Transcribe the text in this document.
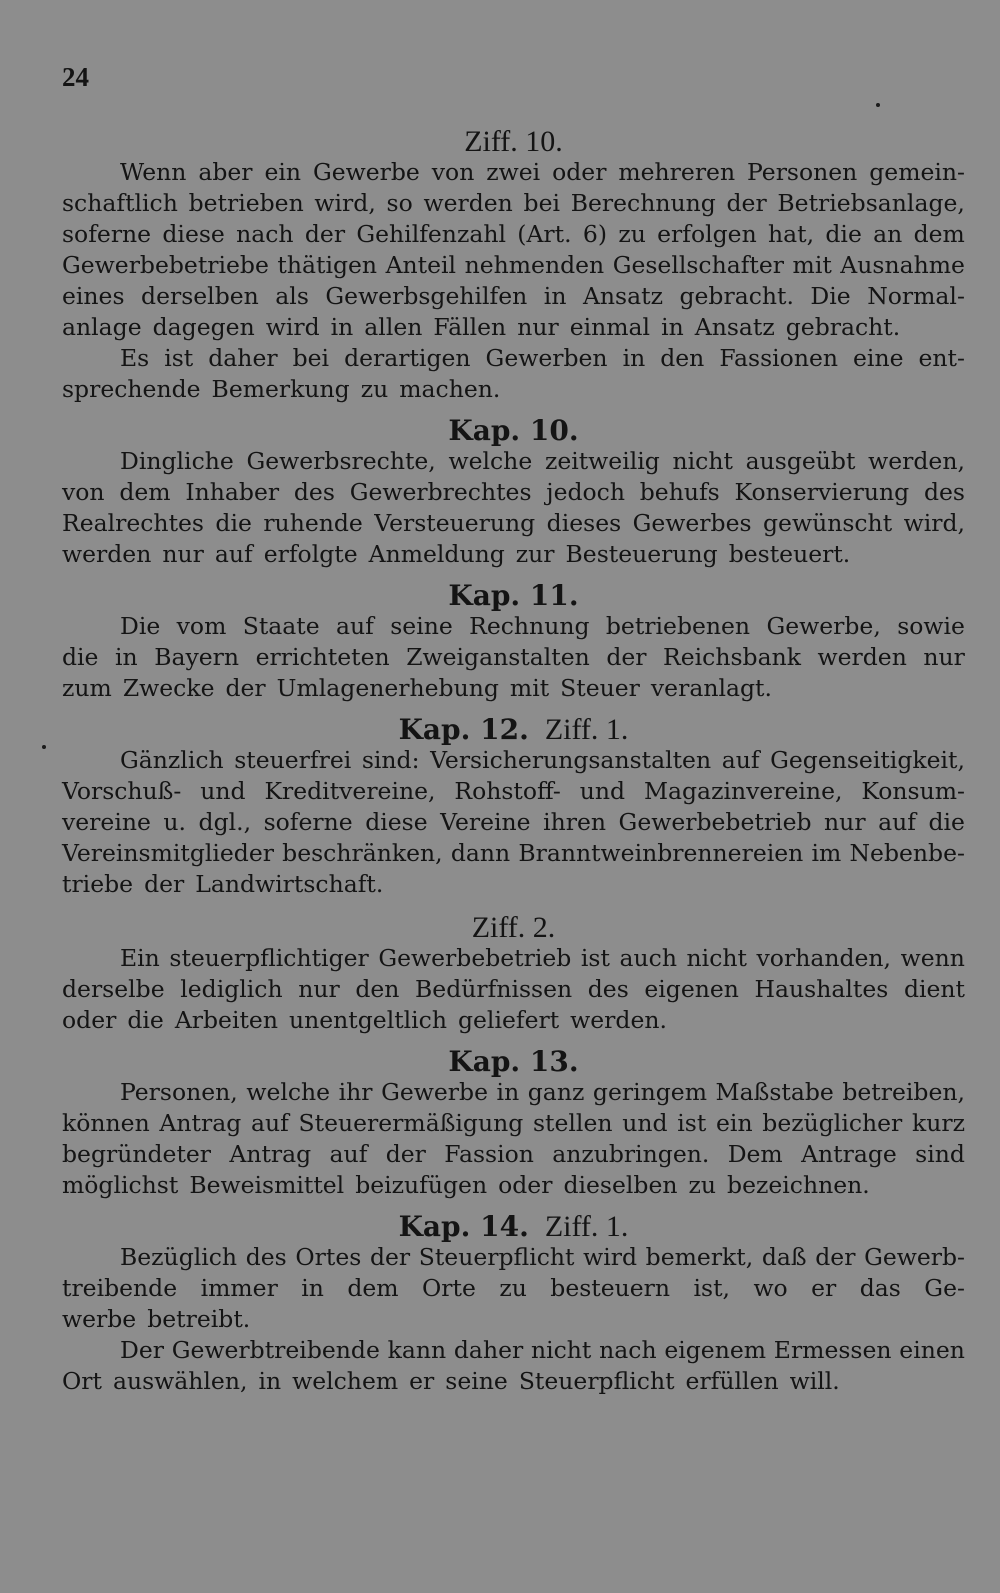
24
Ziff. 10.
Wenn aber ein Gewerbe von zwei oder mehreren Personen gemein-
schaftlich betrieben wird, so werden bei Berechnung der Betriebsanlage,
soferne diese nach der Gehilfenzahl (Art. 6) zu erfolgen hat, die an dem
Gewerbebetriebe thätigen Anteil nehmenden Gesellschafter mit Ausnahme
eines derselben als Gewerbsgehilfen in Ansatz gebracht. Die Normal-
anlage dagegen wird in allen Fällen nur einmal in Ansatz gebracht.
Es ist daher bei derartigen Gewerben in den Fassionen eine ent-
sprechende Bemerkung zu machen.
Kap. 10.
Dingliche Gewerbsrechte, welche zeitweilig nicht ausgeübt werden,
von dem Inhaber des Gewerbrechtes jedoch behufs Konservierung des
Realrechtes die ruhende Versteuerung dieses Gewerbes gewünscht wird,
werden nur auf erfolgte Anmeldung zur Besteuerung besteuert.
Kap. 11.
Die vom Staate auf seine Rechnung betriebenen Gewerbe, sowie
die in Bayern errichteten Zweiganstalten der Reichsbank werden nur
zum Zwecke der Umlagenerhebung mit Steuer veranlagt.
Kap. 12. Ziff. 1.
Gänzlich steuerfrei sind: Versicherungsanstalten auf Gegenseitigkeit,
Vorschuß- und Kreditvereine, Rohstoff- und Magazinvereine, Konsum-
vereine u. dgl., soferne diese Vereine ihren Gewerbebetrieb nur auf die
Vereinsmitglieder beschränken, dann Branntweinbrennereien im Nebenbe-
triebe der Landwirtschaft.
Ziff. 2.
Ein steuerpflichtiger Gewerbebetrieb ist auch nicht vorhanden, wenn
derselbe lediglich nur den Bedürfnissen des eigenen Haushaltes dient
oder die Arbeiten unentgeltlich geliefert werden.
Kap. 13.
Personen, welche ihr Gewerbe in ganz geringem Maßstabe betreiben,
können Antrag auf Steuerermäßigung stellen und ist ein bezüglicher kurz
begründeter Antrag auf der Fassion anzubringen. Dem Antrage sind
möglichst Beweismittel beizufügen oder dieselben zu bezeichnen.
Kap. 14. Ziff. 1.
Bezüglich des Ortes der Steuerpflicht wird bemerkt, daß der Gewerb-
treibende immer in dem Orte zu besteuern ist, wo er das Ge-
werbe betreibt.
Der Gewerbtreibende kann daher nicht nach eigenem Ermessen einen
Ort auswählen, in welchem er seine Steuerpflicht erfüllen will.
